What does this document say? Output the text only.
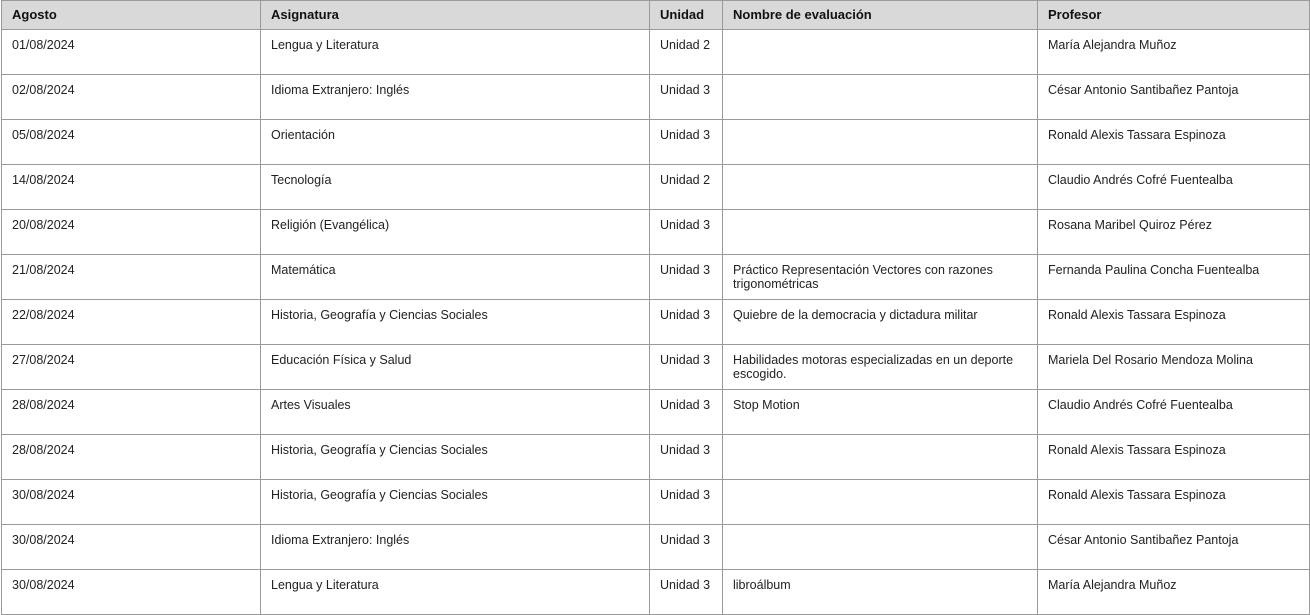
Agosto	Asignatura	Unidad	Nombre de evaluación	Profesor
01/08/2024	Lengua y Literatura	Unidad 2		María Alejandra Muñoz
02/08/2024	Idioma Extranjero: Inglés	Unidad 3		César Antonio Santibañez Pantoja
05/08/2024	Orientación	Unidad 3		Ronald Alexis Tassara Espinoza
14/08/2024	Tecnología	Unidad 2		Claudio Andrés Cofré Fuentealba
20/08/2024	Religión (Evangélica)	Unidad 3		Rosana Maribel Quiroz Pérez
21/08/2024	Matemática	Unidad 3	Práctico Representación Vectores con razones trigonométricas	Fernanda Paulina Concha Fuentealba
22/08/2024	Historia, Geografía y Ciencias Sociales	Unidad 3	Quiebre de la democracia y dictadura militar	Ronald Alexis Tassara Espinoza
27/08/2024	Educación Física y Salud	Unidad 3	Habilidades motoras especializadas en un deporte escogido.	Mariela Del Rosario Mendoza Molina
28/08/2024	Artes Visuales	Unidad 3	Stop Motion	Claudio Andrés Cofré Fuentealba
28/08/2024	Historia, Geografía y Ciencias Sociales	Unidad 3		Ronald Alexis Tassara Espinoza
30/08/2024	Historia, Geografía y Ciencias Sociales	Unidad 3		Ronald Alexis Tassara Espinoza
30/08/2024	Idioma Extranjero: Inglés	Unidad 3		César Antonio Santibañez Pantoja
30/08/2024	Lengua y Literatura	Unidad 3	libroálbum	María Alejandra Muñoz
